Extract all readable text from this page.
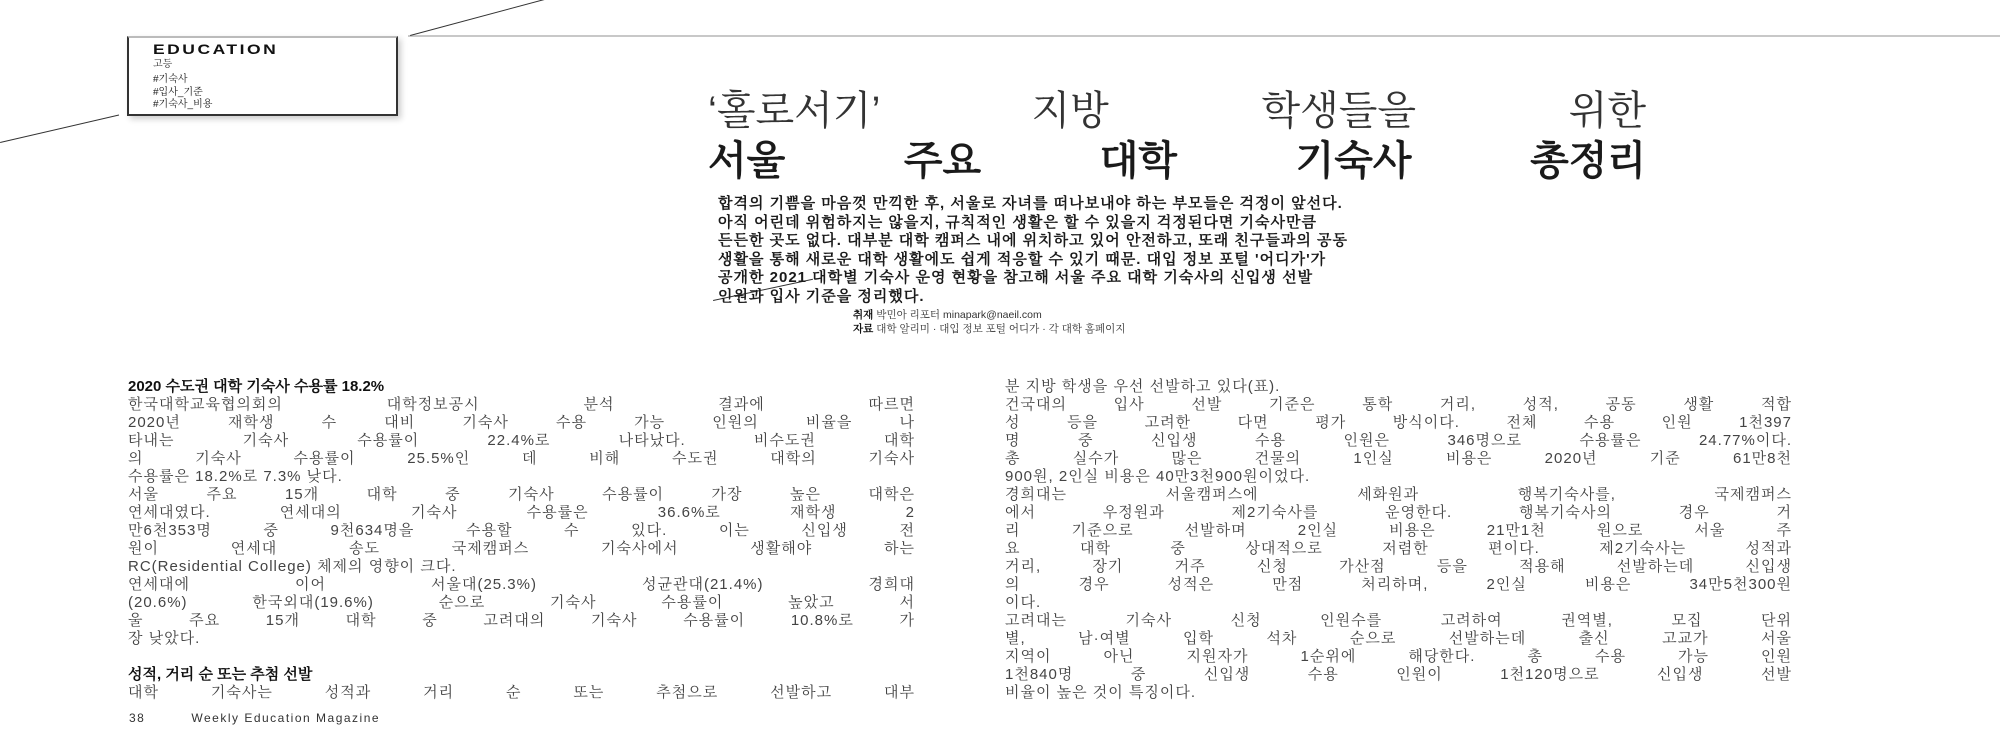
EDUCATION
고등
#기숙사
#입사_기준
#기숙사_비용	‘홀로서기’ 지방 학생들을 위한
서울 주요 대학 기숙사 총정리
합격의 기쁨을 마음껏 만끽한 후, 서울로 자녀를 떠나보내야 하는 부모들은 걱정이 앞선다.
아직 어린데 위험하지는 않을지, 규칙적인 생활은 할 수 있을지 걱정된다면 기숙사만큼
든든한 곳도 없다. 대부분 대학 캠퍼스 내에 위치하고 있어 안전하고, 또래 친구들과의 공동
생활을 통해 새로운 대학 생활에도 쉽게 적응할 수 있기 때문. 대입 정보 포털 '어디가'가
공개한 2021 대학별 기숙사 운영 현황을 참고해 서울 주요 대학 기숙사의 신입생 선발
인원과 입사 기준을 정리했다.
취재 박민아 리포터 minapark@naeil.com
자료 대학 알리미 · 대입 정보 포털 어디가 · 각 대학 홈페이지
2020 수도권 대학 기숙사 수용률 18.2%
한국대학교육협의회의 대학정보공시 분석 결과에 따르면
2020년 재학생 수 대비 기숙사 수용 가능 인원의 비율을 나
타내는 기숙사 수용률이 22.4%로 나타났다. 비수도권 대학
의 기숙사 수용률이 25.5%인 데 비해 수도권 대학의 기숙사
수용률은 18.2%로 7.3% 낮다.
서울 주요 15개 대학 중 기숙사 수용률이 가장 높은 대학은
연세대였다. 연세대의 기숙사 수용률은 36.6%로 재학생 2
만6천353명 중 9천634명을 수용할 수 있다. 이는 신입생 전
원이 연세대 송도 국제캠퍼스 기숙사에서 생활해야 하는
RC(Residential College) 체제의 영향이 크다.
연세대에 이어 서울대(25.3%) 성균관대(21.4%) 경희대
(20.6%) 한국외대(19.6%) 순으로 기숙사 수용률이 높았고 서
울 주요 15개 대학 중 고려대의 기숙사 수용률이 10.8%로 가
장 낮았다.
성적, 거리 순 또는 추첨 선발
대학 기숙사는 성적과 거리 순 또는 추첨으로 선발하고 대부
분 지방 학생을 우선 선발하고 있다(표).
건국대의 입사 선발 기준은 통학 거리, 성적, 공동 생활 적합
성 등을 고려한 다면 평가 방식이다. 전체 수용 인원 1천397
명 중 신입생 수용 인원은 346명으로 수용률은 24.77%이다.
총 실수가 많은 건물의 1인실 비용은 2020년 기준 61만8천
900원, 2인실 비용은 40만3천900원이었다.
경희대는 서울캠퍼스에 세화원과 행복기숙사를, 국제캠퍼스
에서 우정원과 제2기숙사를 운영한다. 행복기숙사의 경우 거
리 기준으로 선발하며 2인실 비용은 21만1천 원으로 서울 주
요 대학 중 상대적으로 저렴한 편이다. 제2기숙사는 성적과
거리, 장기 거주 신청 가산점 등을 적용해 선발하는데 신입생
의 경우 성적은 만점 처리하며, 2인실 비용은 34만5천300원
이다.
고려대는 기숙사 신청 인원수를 고려하여 권역별, 모집 단위
별, 남·여별 입학 석차 순으로 선발하는데 출신 고교가 서울
지역이 아닌 지원자가 1순위에 해당한다. 총 수용 가능 인원
1천840명 중 신입생 수용 인원이 1천120명으로 신입생 선발
비율이 높은 것이 특징이다.
38	Weekly Education Magazine
